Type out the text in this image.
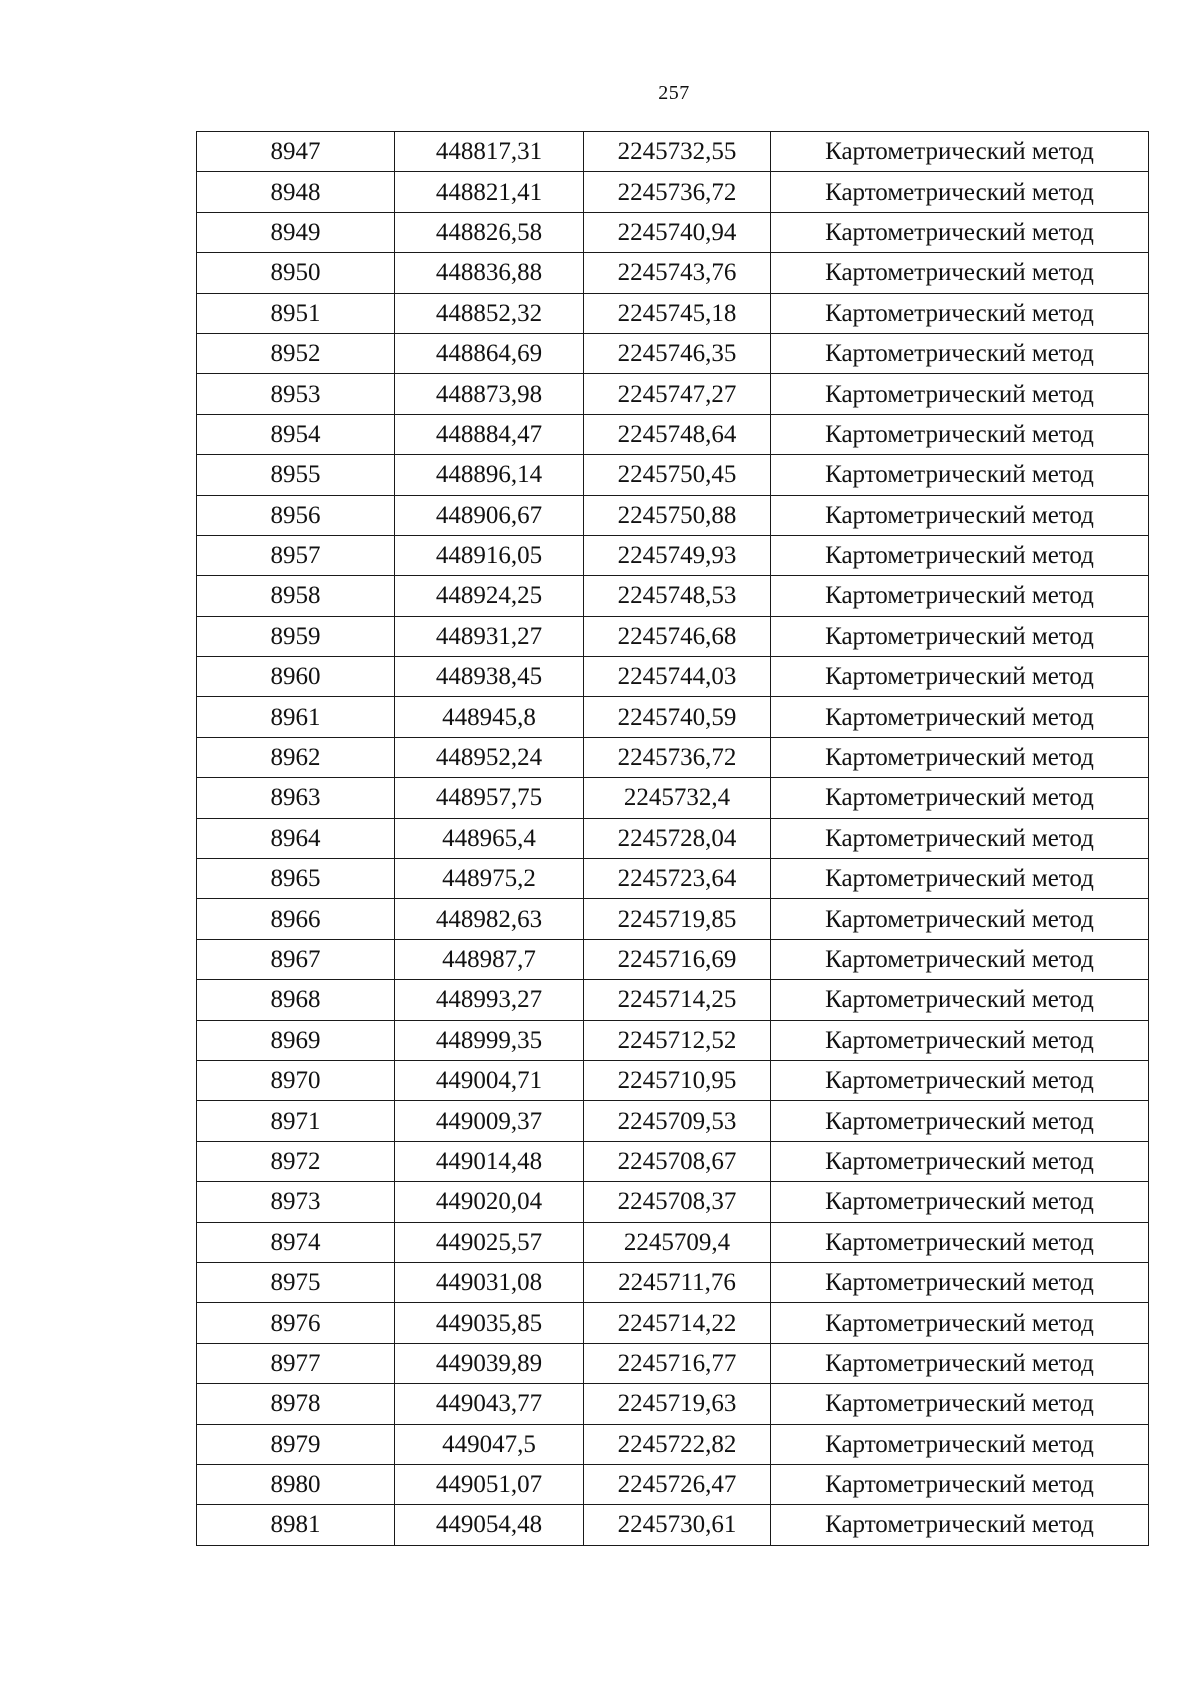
257
8947	448817,31	2245732,55	Картометрический метод
8948	448821,41	2245736,72	Картометрический метод
8949	448826,58	2245740,94	Картометрический метод
8950	448836,88	2245743,76	Картометрический метод
8951	448852,32	2245745,18	Картометрический метод
8952	448864,69	2245746,35	Картометрический метод
8953	448873,98	2245747,27	Картометрический метод
8954	448884,47	2245748,64	Картометрический метод
8955	448896,14	2245750,45	Картометрический метод
8956	448906,67	2245750,88	Картометрический метод
8957	448916,05	2245749,93	Картометрический метод
8958	448924,25	2245748,53	Картометрический метод
8959	448931,27	2245746,68	Картометрический метод
8960	448938,45	2245744,03	Картометрический метод
8961	448945,8	2245740,59	Картометрический метод
8962	448952,24	2245736,72	Картометрический метод
8963	448957,75	2245732,4	Картометрический метод
8964	448965,4	2245728,04	Картометрический метод
8965	448975,2	2245723,64	Картометрический метод
8966	448982,63	2245719,85	Картометрический метод
8967	448987,7	2245716,69	Картометрический метод
8968	448993,27	2245714,25	Картометрический метод
8969	448999,35	2245712,52	Картометрический метод
8970	449004,71	2245710,95	Картометрический метод
8971	449009,37	2245709,53	Картометрический метод
8972	449014,48	2245708,67	Картометрический метод
8973	449020,04	2245708,37	Картометрический метод
8974	449025,57	2245709,4	Картометрический метод
8975	449031,08	2245711,76	Картометрический метод
8976	449035,85	2245714,22	Картометрический метод
8977	449039,89	2245716,77	Картометрический метод
8978	449043,77	2245719,63	Картометрический метод
8979	449047,5	2245722,82	Картометрический метод
8980	449051,07	2245726,47	Картометрический метод
8981	449054,48	2245730,61	Картометрический метод
